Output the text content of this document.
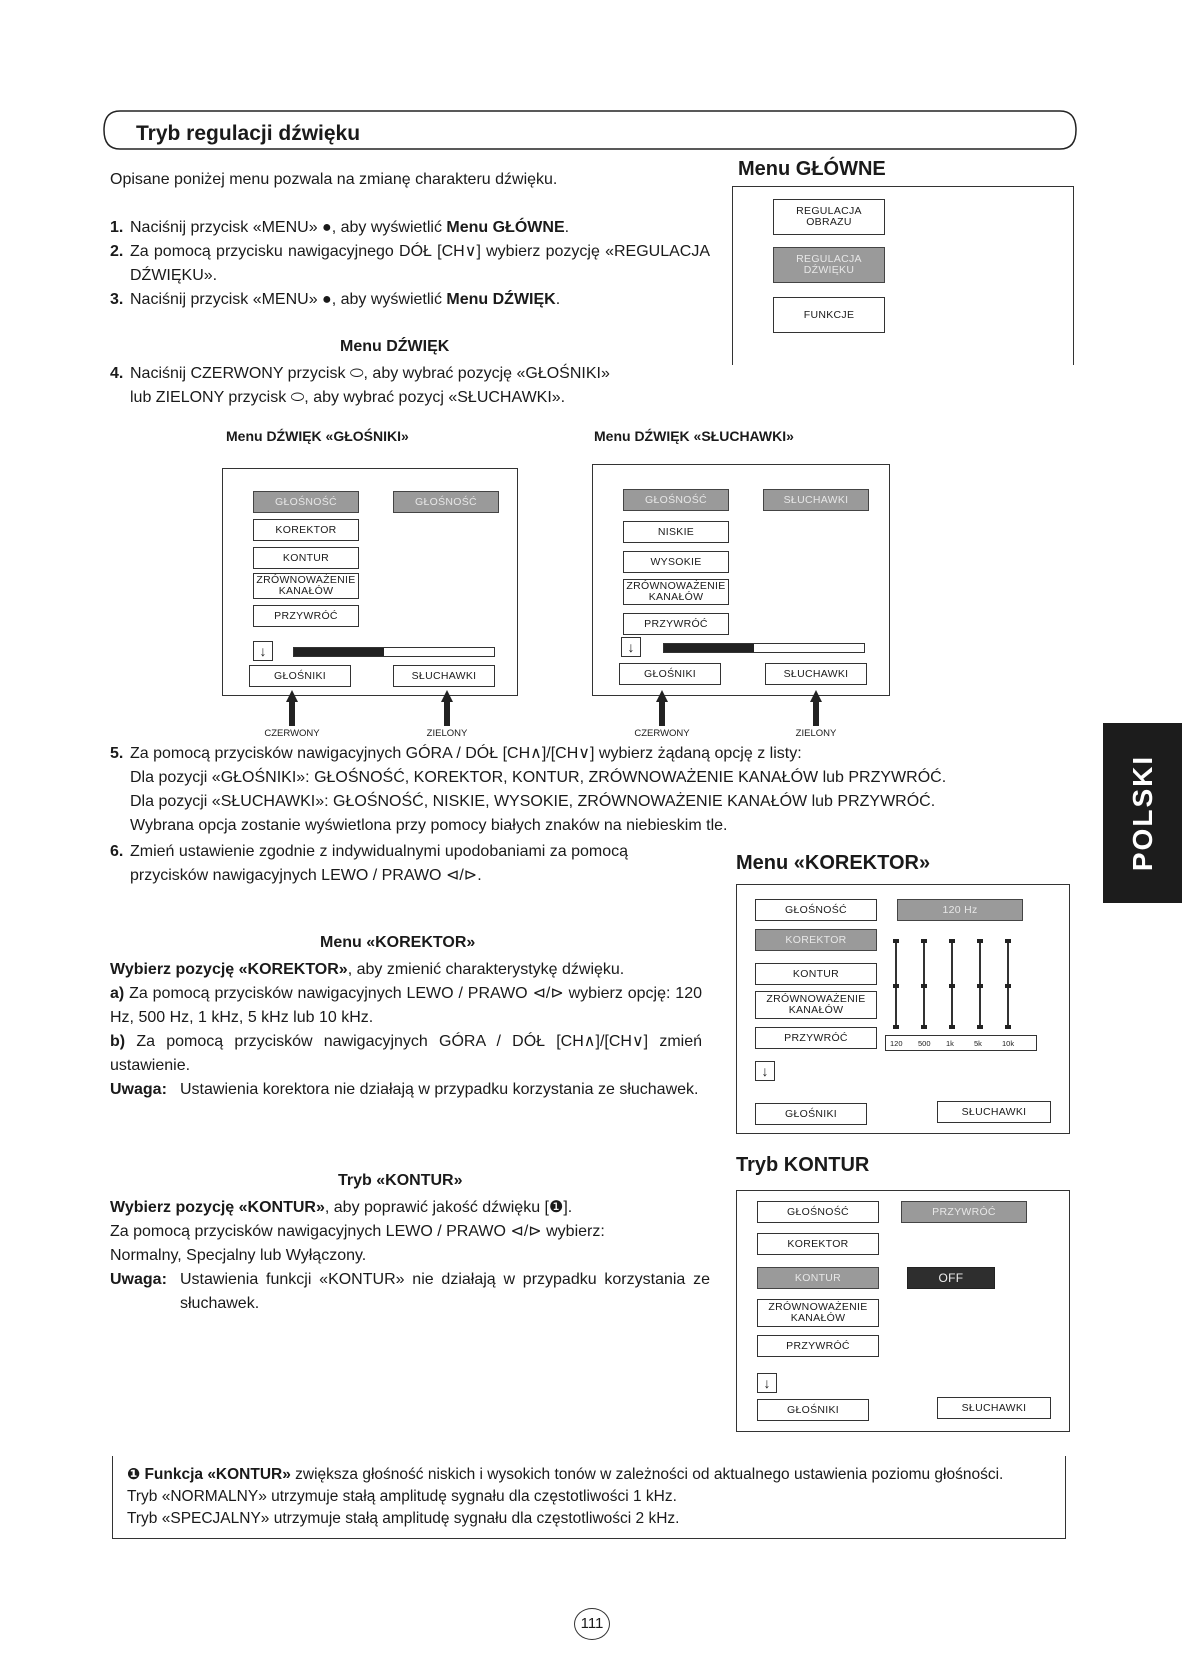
Tryb regulacji dźwięku
Opisane poniżej menu pozwala na zmianę charakteru dźwięku.
1. Naciśnij przycisk «MENU» ●, aby wyświetlić Menu GŁÓWNE.
2. Za pomocą przycisku nawigacyjnego DÓŁ [CH∨] wybierz pozycję «REGULACJA DŹWIĘKU».
3. Naciśnij przycisk «MENU» ●, aby wyświetlić Menu DŹWIĘK.
Menu GŁÓWNE
REGULACJA OBRAZU
REGULACJA DŹWIĘKU
FUNKCJE
Menu DŹWIĘK
4. Naciśnij CZERWONY przycisk ⬭, aby wybrać pozycję «GŁOŚNIKI»
lub ZIELONY przycisk ⬭, aby wybrać pozycj «SŁUCHAWKI».
Menu DŹWIĘK «GŁOŚNIKI»	Menu DŹWIĘK «SŁUCHAWKI»
GŁOŚNOŚĆ	GŁOŚNOŚĆ
KOREKTOR
KONTUR
ZRÓWNOWAŻENIE KANAŁÓW
PRZYWRÓĆ
↓
GŁOŚNIKI	SŁUCHAWKI
CZERWONY	ZIELONY
GŁOŚNOŚĆ	SŁUCHAWKI
NISKIE
WYSOKIE
ZRÓWNOWAŻENIE KANAŁÓW
PRZYWRÓĆ
↓
GŁOŚNIKI	SŁUCHAWKI
CZERWONY	ZIELONY
5. Za pomocą przycisków nawigacyjnych GÓRA / DÓŁ [CH∧]/[CH∨] wybierz żądaną opcję z listy:
Dla pozycji «GŁOŚNIKI»: GŁOŚNOŚĆ, KOREKTOR, KONTUR, ZRÓWNOWAŻENIE KANAŁÓW lub PRZYWRÓĆ.
Dla pozycji «SŁUCHAWKI»: GŁOŚNOŚĆ, NISKIE, WYSOKIE, ZRÓWNOWAŻENIE KANAŁÓW lub PRZYWRÓĆ.
Wybrana opcja zostanie wyświetlona przy pomocy białych znaków na niebieskim tle.
6. Zmień ustawienie zgodnie z indywidualnymi upodobaniami za pomocą
przycisków nawigacyjnych LEWO / PRAWO ⊲/⊳.
POLSKI
Menu «KOREKTOR»
GŁOŚNOŚĆ	120 Hz
KOREKTOR
KONTUR
ZRÓWNOWAŻENIE KANAŁÓW
PRZYWRÓĆ	120 500 1k	5k	10k
↓
GŁOŚNIKI	SŁUCHAWKI
Menu «KOREKTOR»
Wybierz pozycję «KOREKTOR», aby zmienić charakterystykę dźwięku.
a) Za pomocą przycisków nawigacyjnych LEWO / PRAWO ⊲/⊳ wybierz opcję: 120 Hz, 500 Hz, 1 kHz, 5 kHz lub 10 kHz.
b) Za pomocą przycisków nawigacyjnych GÓRA / DÓŁ [CH∧]/[CH∨] zmień ustawienie.
Uwaga: Ustawienia korektora nie działają w przypadku korzystania ze słuchawek.
Tryb KONTUR
GŁOŚNOŚĆ	PRZYWRÓĆ
KOREKTOR
KONTUR	OFF
ZRÓWNOWAŻENIE KANAŁÓW
PRZYWRÓĆ
↓
GŁOŚNIKI	SŁUCHAWKI
Tryb «KONTUR»
Wybierz pozycję «KONTUR», aby poprawić jakość dźwięku [❶].
Za pomocą przycisków nawigacyjnych LEWO / PRAWO ⊲/⊳ wybierz:
Normalny, Specjalny lub Wyłączony.
Uwaga: Ustawienia funkcji «KONTUR» nie działają w przypadku korzystania ze słuchawek.
❶ Funkcja «KONTUR» zwiększa głośność niskich i wysokich tonów w zależności od aktualnego ustawienia poziomu głośności.
Tryb «NORMALNY» utrzymuje stałą amplitudę sygnału dla częstotliwości 1 kHz.
Tryb «SPECJALNY» utrzymuje stałą amplitudę sygnału dla częstotliwości 2 kHz.
111
